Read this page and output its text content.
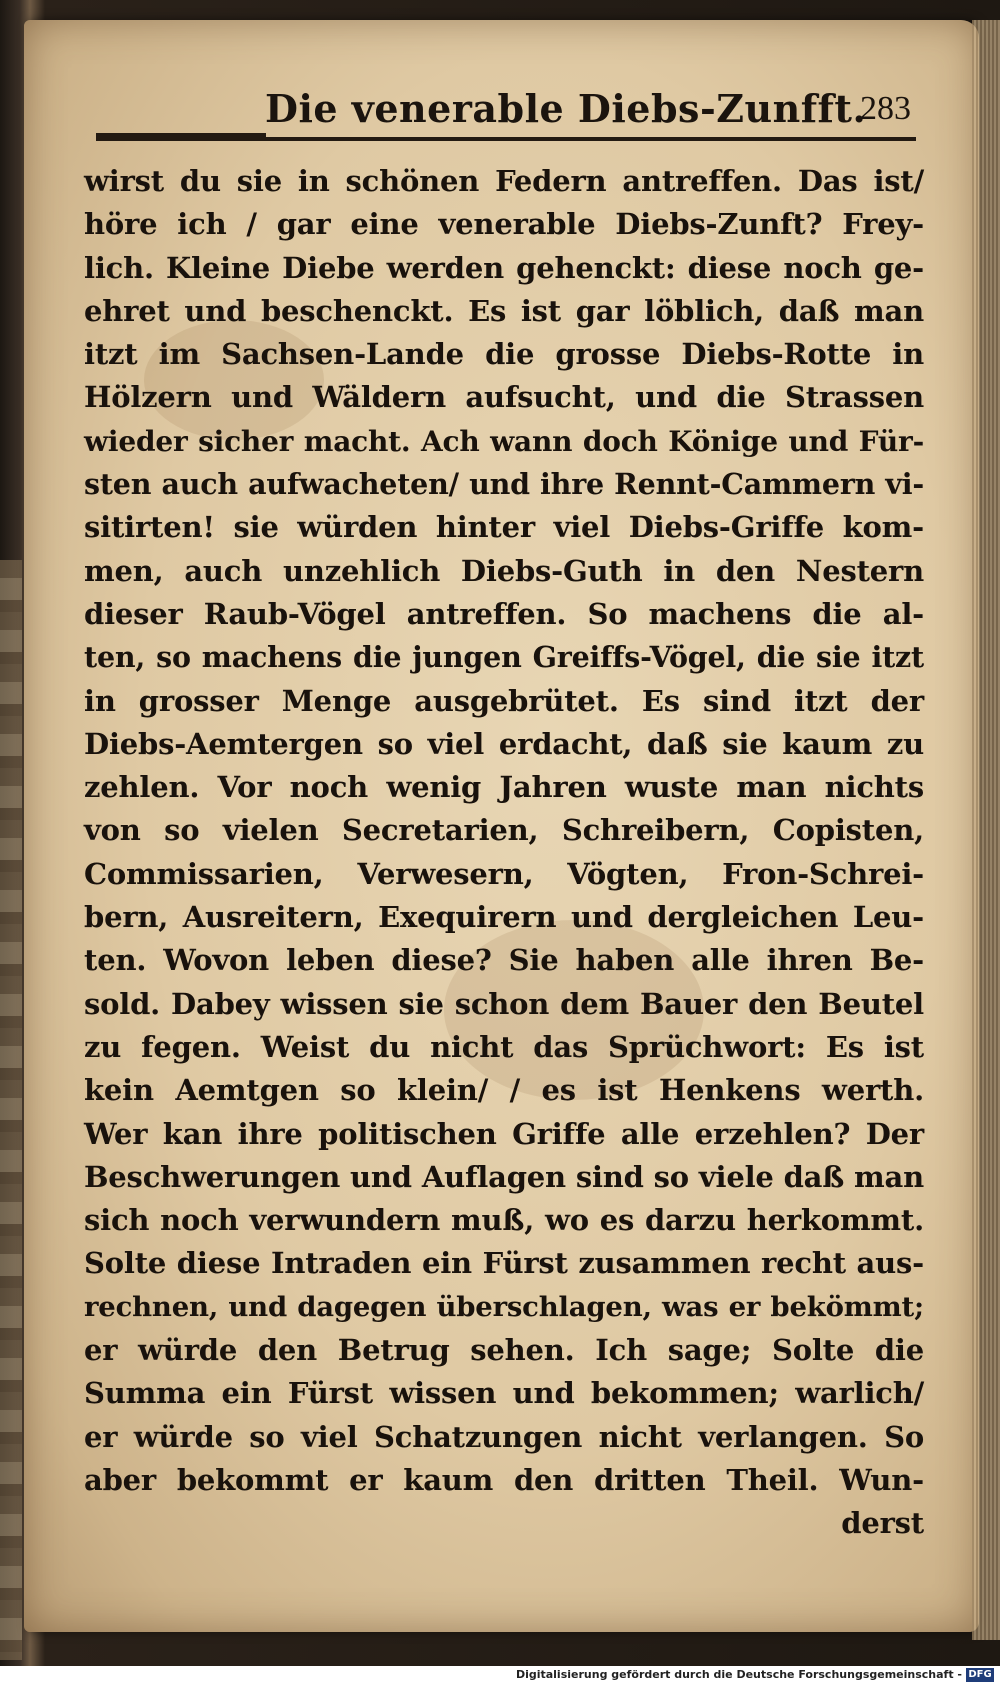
Die venerable Diebs-Zunfft.
283
wirst du sie in schönen Federn antreffen. Das ist/
höre ich / gar eine venerable Diebs-Zunft? Frey-
lich. Kleine Diebe werden gehenckt: diese noch ge-
ehret und beschenckt. Es ist gar löblich, daß man
itzt im Sachsen-Lande die grosse Diebs-Rotte in
Hölzern und Wäldern aufsucht, und die Strassen
wieder sicher macht. Ach wann doch Könige und Für-
sten auch aufwacheten/ und ihre Rennt-Cammern vi-
sitirten! sie würden hinter viel Diebs-Griffe kom-
men, auch unzehlich Diebs-Guth in den Nestern
dieser Raub-Vögel antreffen. So machens die al-
ten, so machens die jungen Greiffs-Vögel, die sie itzt
in grosser Menge ausgebrütet. Es sind itzt der
Diebs-Aemtergen so viel erdacht, daß sie kaum zu
zehlen. Vor noch wenig Jahren wuste man nichts
von so vielen Secretarien, Schreibern, Copisten,
Commissarien, Verwesern, Vögten, Fron-Schrei-
bern, Ausreitern, Exequirern und dergleichen Leu-
ten. Wovon leben diese? Sie haben alle ihren Be-
sold. Dabey wissen sie schon dem Bauer den Beutel
zu fegen. Weist du nicht das Sprüchwort: Es ist
kein Aemtgen so klein/ / es ist Henkens werth.
Wer kan ihre politischen Griffe alle erzehlen? Der
Beschwerungen und Auflagen sind so viele daß man
sich noch verwundern muß, wo es darzu herkommt.
Solte diese Intraden ein Fürst zusammen recht aus-
rechnen, und dagegen überschlagen, was er bekömmt;
er würde den Betrug sehen. Ich sage; Solte die
Summa ein Fürst wissen und bekommen; warlich/
er würde so viel Schatzungen nicht verlangen. So
aber bekommt er kaum den dritten Theil. Wun-
derst
Digitalisierung gefördert durch die Deutsche Forschungsgemeinschaft - DFG
